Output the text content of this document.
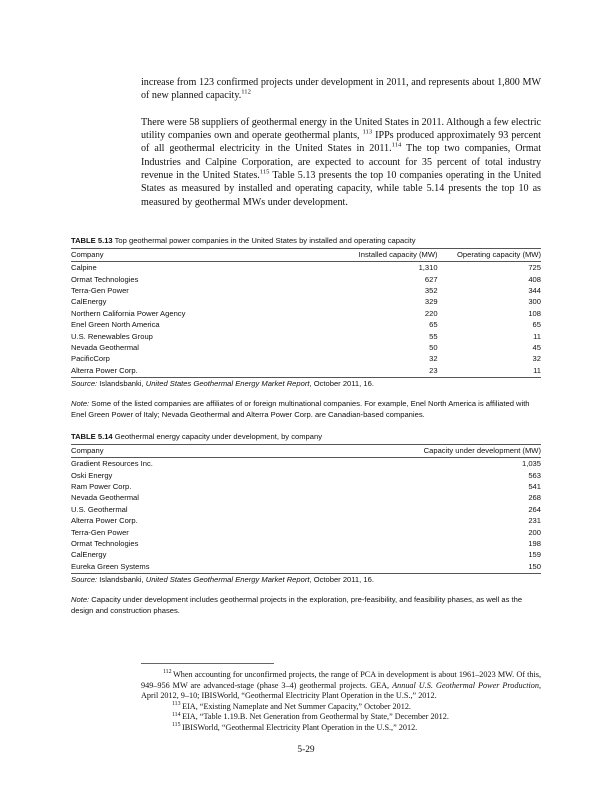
increase from 123 confirmed projects under development in 2011, and represents about 1,800 MW of new planned capacity.$^{112}$

There were 58 suppliers of geothermal energy in the United States in 2011. Although a few electric utility companies own and operate geothermal plants, $^{113}$ IPPs produced approximately 93 percent of all geothermal electricity in the United States in 2011.$^{114}$ The top two companies, Ormat Industries and Calpine Corporation, are expected to account for 35 percent of total industry revenue in the United States.$^{115}$ Table 5.13 presents the top 10 companies operating in the United States as measured by installed and operating capacity, while table 5.14 presents the top 10 as measured by geothermal MWs under development.

TABLE 5.13 Top geothermal power companies in the United States by installed and operating capacity
Company	Installed capacity (MW)	Operating capacity (MW)
Calpine	1,310	725
Ormat Technologies	627	408
Terra-Gen Power	352	344
CalEnergy	329	300
Northern California Power Agency	220	108
Enel Green North America	65	65
U.S. Renewables Group	55	11
Nevada Geothermal	50	45
PacificCorp	32	32
Alterra Power Corp.	23	11
Source: Islandsbanki, United States Geothermal Energy Market Report, October 2011, 16.
Note: Some of the listed companies are affiliates of or foreign multinational companies. For example, Enel North America is affiliated with Enel Green Power of Italy; Nevada Geothermal and Alterra Power Corp. are Canadian-based companies.
TABLE 5.14 Geothermal energy capacity under development, by company
Company	Capacity under development (MW)
Gradient Resources Inc.	1,035
Oski Energy	563
Ram Power Corp.	541
Nevada Geothermal	268
U.S. Geothermal	264
Alterra Power Corp.	231
Terra-Gen Power	200
Ormat Technologies	198
CalEnergy	159
Eureka Green Systems	150
Source: Islandsbanki, United States Geothermal Energy Market Report, October 2011, 16.
Note: Capacity under development includes geothermal projects in the exploration, pre-feasibility, and feasibility phases, as well as the design and construction phases.
$^{112}$ When accounting for unconfirmed projects, the range of PCA in development is about 1961–2023 MW. Of this, 949–956 MW are advanced-stage (phase 3–4) geothermal projects. GEA, Annual U.S. Geothermal Power Production, April 2012, 9–10; IBISWorld, “Geothermal Electricity Plant Operation in the U.S.,” 2012.
$^{113}$ EIA, “Existing Nameplate and Net Summer Capacity,” October 2012.
$^{114}$ EIA, “Table 1.19.B. Net Generation from Geothermal by State,” December 2012.
$^{115}$ IBISWorld, “Geothermal Electricity Plant Operation in the U.S.,” 2012.
5-29
